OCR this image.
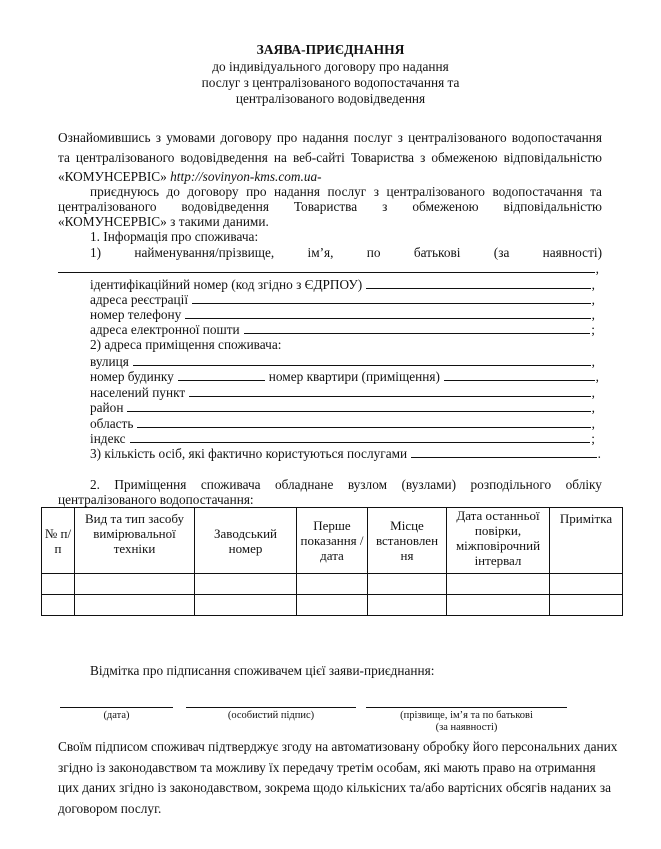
ЗАЯВА-ПРИЄДНАННЯ
до індивідуального договору про надання
послуг з централізованого водопостачання та
централізованого водовідведення
Ознайомившись з умовами договору про надання послуг з централізованого водопостачання
та централізованого водовідведення на веб-сайті Товариства з обмеженою відповідальністю
«КОМУНСЕРВІС» http://sovinyon-kms.com.ua-
приєднуюсь до договору про надання послуг з централізованого водопостачання та
централізованого водовідведення Товариства з обмеженою відповідальністю
«КОМУНСЕРВІС» з такими даними.
1. Інформація про споживача:
1)	найменування/прізвище,	ім’я,	по	батькові	(за	наявності)
,
ідентифікаційний номер (код згідно з ЄДРПОУ)	,
адреса реєстрації	,
номер телефону	,
адреса електронної пошти	;
2) адреса приміщення споживача:
вулиця	,
номер будинку	номер квартири (приміщення)	,
населений пункт	,
район	,
область	,
індекс	;
3) кількість осіб, які фактично користуються послугами	.
2. Приміщення споживача обладнане вузлом (вузлами) розподільного обліку
централізованого водопостачання:
№ п/п	Вид та тип засобу вимірювальної техніки	Заводський номер	Перше показання /дата	Місце встановлен ня	Дата останньої повірки, міжповірочний інтервал	Примітка

Відмітка про підписання споживачем цієї заяви-приєднання:
(дата)	(особистий підпис)	(прізвище, ім’я та по батькові
(за наявності)
Своїм підписом споживач підтверджує згоду на автоматизовану обробку його персональних даних згідно із законодавством та можливу їх передачу третім особам, які мають право на отримання цих даних згідно із законодавством, зокрема щодо кількісних та/або вартісних обсягів наданих за договором послуг.
